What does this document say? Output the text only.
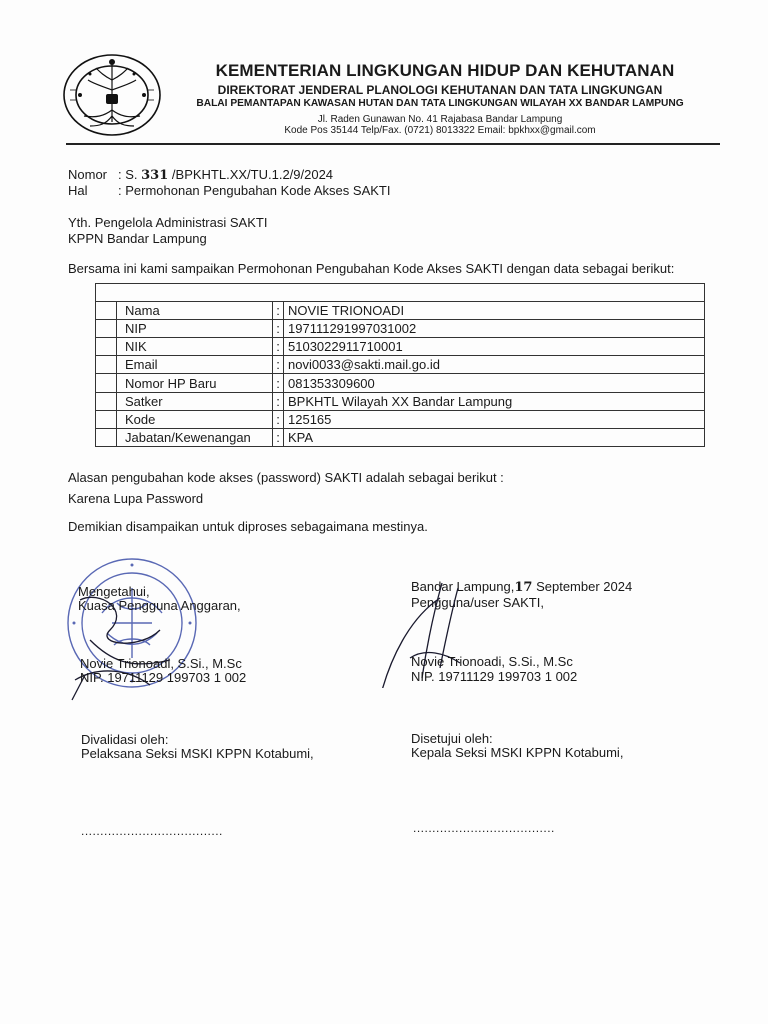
KEMENTERIAN LINGKUNGAN HIDUP DAN KEHUTANAN
DIREKTORAT JENDERAL PLANOLOGI KEHUTANAN DAN TATA LINGKUNGAN
BALAI PEMANTAPAN KAWASAN HUTAN DAN TATA LINGKUNGAN WILAYAH XX BANDAR LAMPUNG
Jl. Raden Gunawan No. 41 Rajabasa Bandar Lampung
Kode Pos 35144 Telp/Fax. (0721) 8013322 Email: bpkhxx@gmail.com
Nomor : S. 331 /BPKHTL.XX/TU.1.2/9/2024
Hal : Permohonan Pengubahan Kode Akses SAKTI
Yth. Pengelola Administrasi SAKTI
KPPN Bandar Lampung
Bersama ini kami sampaikan Permohonan Pengubahan Kode Akses SAKTI dengan data sebagai berikut:

	Nama	:	NOVIE TRIONOADI
	NIP	:	197111291997031002
	NIK	:	5103022911710001
	Email	:	novi0033@sakti.mail.go.id
	Nomor HP Baru	:	081353309600
	Satker	:	BPKHTL Wilayah XX Bandar Lampung
	Kode	:	125165
	Jabatan/Kewenangan	:	KPA
Alasan pengubahan kode akses (password) SAKTI adalah sebagai berikut :
Karena Lupa Password
Demikian disampaikan untuk diproses sebagaimana mestinya.
Mengetahui,
Kuasa Pengguna Anggaran,
Novie Trionoadi, S.Si., M.Sc
NIP. 19711129 199703 1 002
Bandar Lampung,17 September 2024
Pengguna/user SAKTI,
Novie Trionoadi, S.Si., M.Sc
NIP. 19711129 199703 1 002
Divalidasi oleh:
Pelaksana Seksi MSKI KPPN Kotabumi,
Disetujui oleh:
Kepala Seksi MSKI KPPN Kotabumi,
.....................................	.....................................
